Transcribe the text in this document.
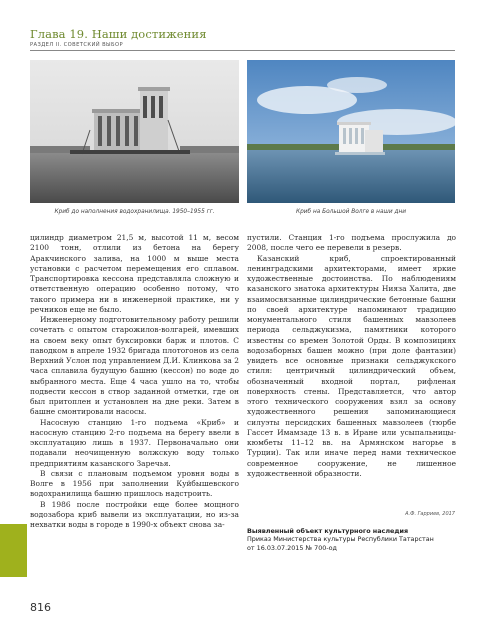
Глава 19. Наши достижения
РАЗДЕЛ II. СОВЕТСКИЙ ВЫБОР
Криб до наполнения водохранилища. 1950–1955 гг.	Криб на Большой Волге в наши дни

цилиндр диаметром 21,5 м, высотой 11 м, весом 2100 тонн, отлили из бетона на берегу Аракчинского залива, на 1000 м выше места установки с расчетом перемещения его сплавом. Транспортировка кессона представляла сложную и ответственную операцию особенно потому, что такого примера ни в инженерной практике, ни у речников еще не было.

Инженерному подготовительному работу решили сочетать с опытом старожилов-волгарей, имевших на своем веку опыт буксировки барж и плотов. С паводком в апреле 1932 бригада плотогонов из села Верхний Услон под управлением Д.И. Клинкова за 2 часа сплавила будущую башню (кессон) по воде до выбранного места. Еще 4 часа ушло на то, чтобы подвести кессон в створ заданной отметки, где он был притоплен и установлен на дне реки. Затем в башне смонтировали насосы.

Насосную станцию 1-го подъема «Криб» и насосную станцию 2-го подъема на берегу ввели в эксплуатацию лишь в 1937. Первоначально они подавали неочищенную волжскую воду только предприятиям казанского Заречья.

В связи с плановым подъемом уровня воды в Волге в 1956 при заполнении Куйбышевского водохранилища башню пришлось надстроить.

В 1986 после постройки еще более мощного водозабора криб вывели из эксплуатации, но из-за нехватки воды в городе в 1990-х объект снова за-

пустили. Станция 1-го подъема прослужила до 2008, после чего ее перевели в резерв.

Казанский криб, спроектированный ленинградскими архитекторами, имеет яркие художественные достоинства. По наблюдениям казанского знатока архитектуры Нияза Халита, две взаимосвязанные цилиндрические бетонные башни по своей архитектуре напоминают традицию монументального стиля башенных мавзолеев периода сельджукизма, памятники которого известны со времен Золотой Орды. В композициях водозаборных башен можно (при доле фантазии) увидеть все основные признаки сельджукского стиля: центричный цилиндрический объем, обозначенный входной портал, рифленая поверхность стены. Представляется, что автор этого технического сооружения взял за основу художественного решения запоминающиеся силуэты персидских башенных мавзолеев (тюрбе Гассет Имамзаде 13 в. в Иране или усыпальницы-кюмбеты 11–12 вв. на Армянском нагорье в Турции). Так или иначе перед нами техническое современное сооружение, не лишенное художественной образности.

А.Ф. Гарриев, 2017
Выявленный объект культурного наследия
Приказ Министерства культуры Республики Татарстан
от 16.03.07.2015 № 700-од
816
